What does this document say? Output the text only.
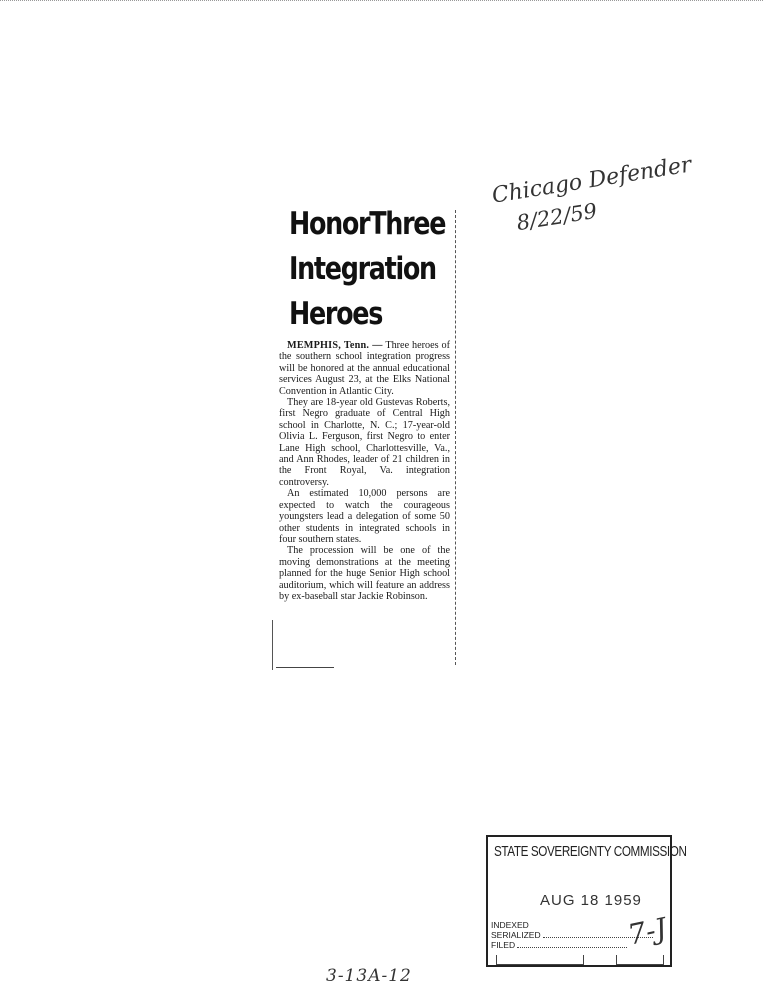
HonorThree
Integration
Heroes

MEMPHIS, Tenn. — Three heroes of the southern school integration progress will be honored at the annual educational services August 23, at the Elks National Convention in Atlantic City.

They are 18-year old Gustevas Roberts, first Negro graduate of Central High school in Charlotte, N. C.; 17-year-old Olivia L. Ferguson, first Negro to enter Lane High school, Charlottesville, Va., and Ann Rhodes, leader of 21 children in the Front Royal, Va. integration controversy.

An estimated 10,000 persons are expected to watch the courageous youngsters lead a delegation of some 50 other students in integrated schools in four southern states.

The procession will be one of the moving demonstrations at the meeting planned for the huge Senior High school auditorium, which will feature an address by ex-baseball star Jackie Robinson.

Chicago Defender
8/22/59
STATE SOVEREIGNTY COMMISSION
AUG 18 1959
INDEXED
SERIALIZED
FILED	7-J
3-13A-12
